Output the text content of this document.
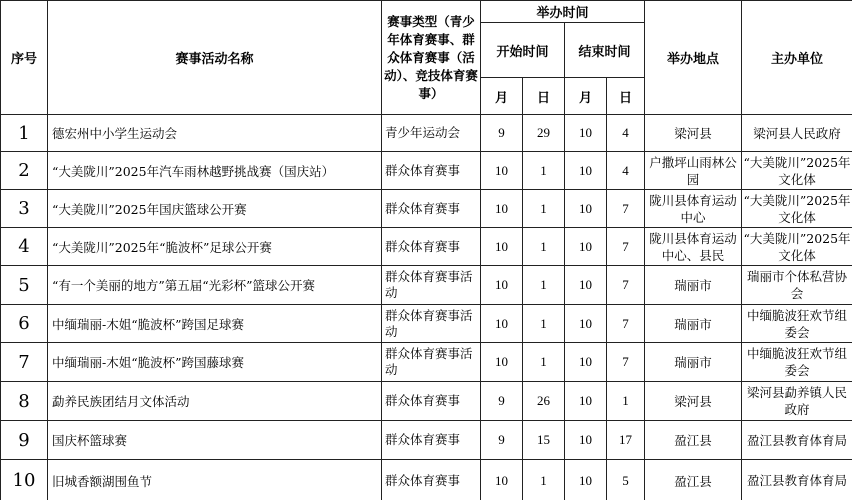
序号	赛事活动名称	赛事类型（青少年体育赛事、群众体育赛事（活动）、竞技体育赛事）	举办时间				举办地点	主办单位
			开始时间		结束时间			
			月	日	月	日		
1	德宏州中小学生运动会	青少年运动会	9	29	10	4	梁河县	梁河县人民政府
2	“大美陇川”2025年汽车雨林越野挑战赛（国庆站）	群众体育赛事	10	1	10	4	户撒坪山雨林公园	“大美陇川”2025年文化体

3	“大美陇川”2025年国庆篮球公开赛	群众体育赛事	10	1	10	7	陇川县体育运动中心	“大美陇川”2025年文化体

4	“大美陇川”2025年“脆波杯”足球公开赛	群众体育赛事	10	1	10	7	陇川县体育运动中心、县民	“大美陇川”2025年文化体

5	“有一个美丽的地方”第五届“光彩杯”篮球公开赛	群众体育赛事活动	10	1	10	7	瑞丽市	瑞丽市个体私营协会
6	中缅瑞丽-木姐“脆波杯”跨国足球赛	群众体育赛事活动	10	1	10	7	瑞丽市	中缅脆波狂欢节组委会
7	中缅瑞丽-木姐“脆波杯”跨国藤球赛	群众体育赛事活动	10	1	10	7	瑞丽市	中缅脆波狂欢节组委会
8	勐养民族团结月文体活动	群众体育赛事	9	26	10	1	梁河县	梁河县勐养镇人民政府
9	国庆杯篮球赛	群众体育赛事	9	15	10	17	盈江县	盈江县教育体育局
10	旧城香额湖围鱼节	群众体育赛事	10	1	10	5	盈江县	盈江县教育体育局
